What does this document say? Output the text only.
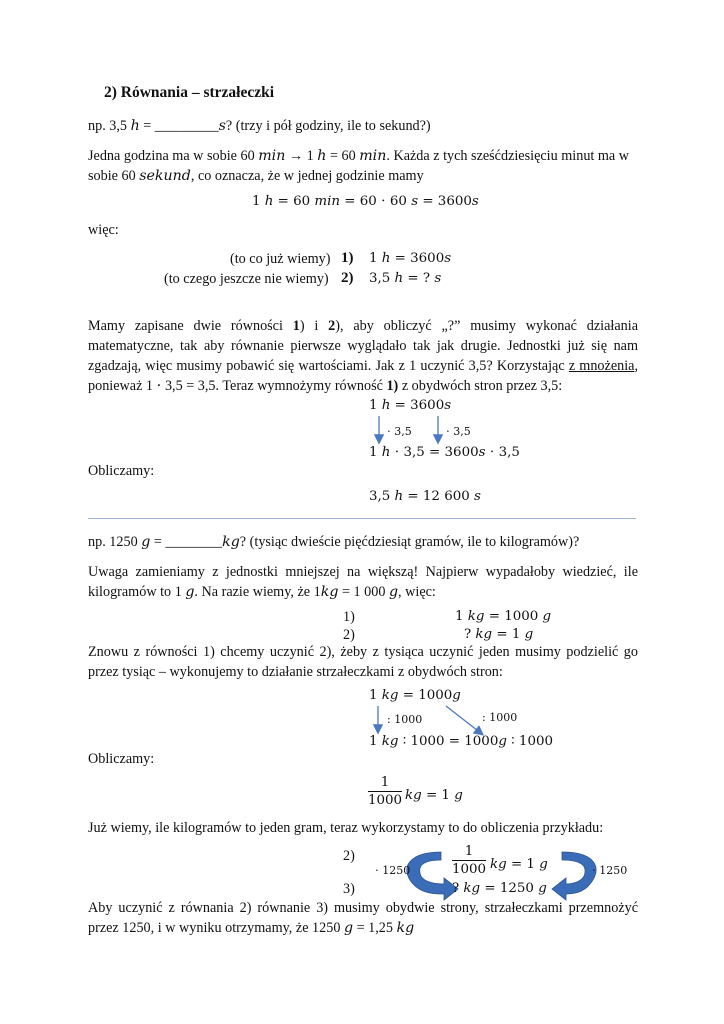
2) Równania – strzałeczki
np. 3,5 ℎ = _________𝑠? (trzy i pół godziny, ile to sekund?)
Jedna godzina ma w sobie 60 𝑚𝑖𝑛 → 1 ℎ = 60 𝑚𝑖𝑛. Każda z tych sześćdziesięciu minut ma w
sobie 60 𝑠𝑒𝑘𝑢𝑛𝑑, co oznacza, że w jednej godzinie mamy
1 ℎ = 60 𝑚𝑖𝑛 = 60 ⋅ 60 𝑠 = 3600𝑠
więc:
(to co już wiemy) 1) 1 ℎ = 3600𝑠
(to czego jeszcze nie wiemy) 2) 3,5 ℎ = ? 𝑠
Mamy zapisane dwie równości 1) i 2), aby obliczyć „?” musimy wykonać działania matematyczne, tak aby równanie pierwsze wyglądało tak jak drugie. Jednostki już się nam zgadzają, więc musimy pobawić się wartościami. Jak z 1 uczynić 3,5? Korzystając z mnożenia, ponieważ 1 ⋅ 3,5 = 3,5. Teraz wymnożymy równość 1) z obydwóch stron przez 3,5:
1 ℎ = 3600𝑠
⋅ 3,5	⋅ 3,5
1 ℎ ⋅ 3,5 = 3600𝑠 ⋅ 3,5
Obliczamy:
3,5 ℎ = 12 600 𝑠
np. 1250 𝑔 = ________𝑘𝑔? (tysiąc dwieście pięćdziesiąt gramów, ile to kilogramów)?
Uwaga zamieniamy z jednostki mniejszej na większą! Najpierw wypadałoby wiedzieć, ile kilogramów to 1 𝑔. Na razie wiemy, że 1𝑘𝑔 = 1 000 𝑔, więc:
1)	1 𝑘𝑔 = 1000 𝑔
2)	? 𝑘𝑔 = 1 𝑔
Znowu z równości 1) chcemy uczynić 2), żeby z tysiąca uczynić jeden musimy podzielić go przez tysiąc – wykonujemy to działanie strzałeczkami z obydwóch stron:
1 𝑘𝑔 = 1000𝑔
: 1000	: 1000
1 𝑘𝑔 ∶ 1000 = 1000𝑔 ∶ 1000
Obliczamy:
1
1000 𝑘𝑔 = 1 𝑔
Już wiemy, ile kilogramów to jeden gram, teraz wykorzystamy to do obliczenia przykładu:
2)
⋅ 1250
1
1000 𝑘𝑔 = 1 𝑔	⋅ 1250
3)	? 𝑘𝑔 = 1250 𝑔
Aby uczynić z równania 2) równanie 3) musimy obydwie strony, strzałeczkami przemnożyć przez 1250, i w wyniku otrzymamy, że 1250 𝑔 = 1,25 𝑘𝑔
